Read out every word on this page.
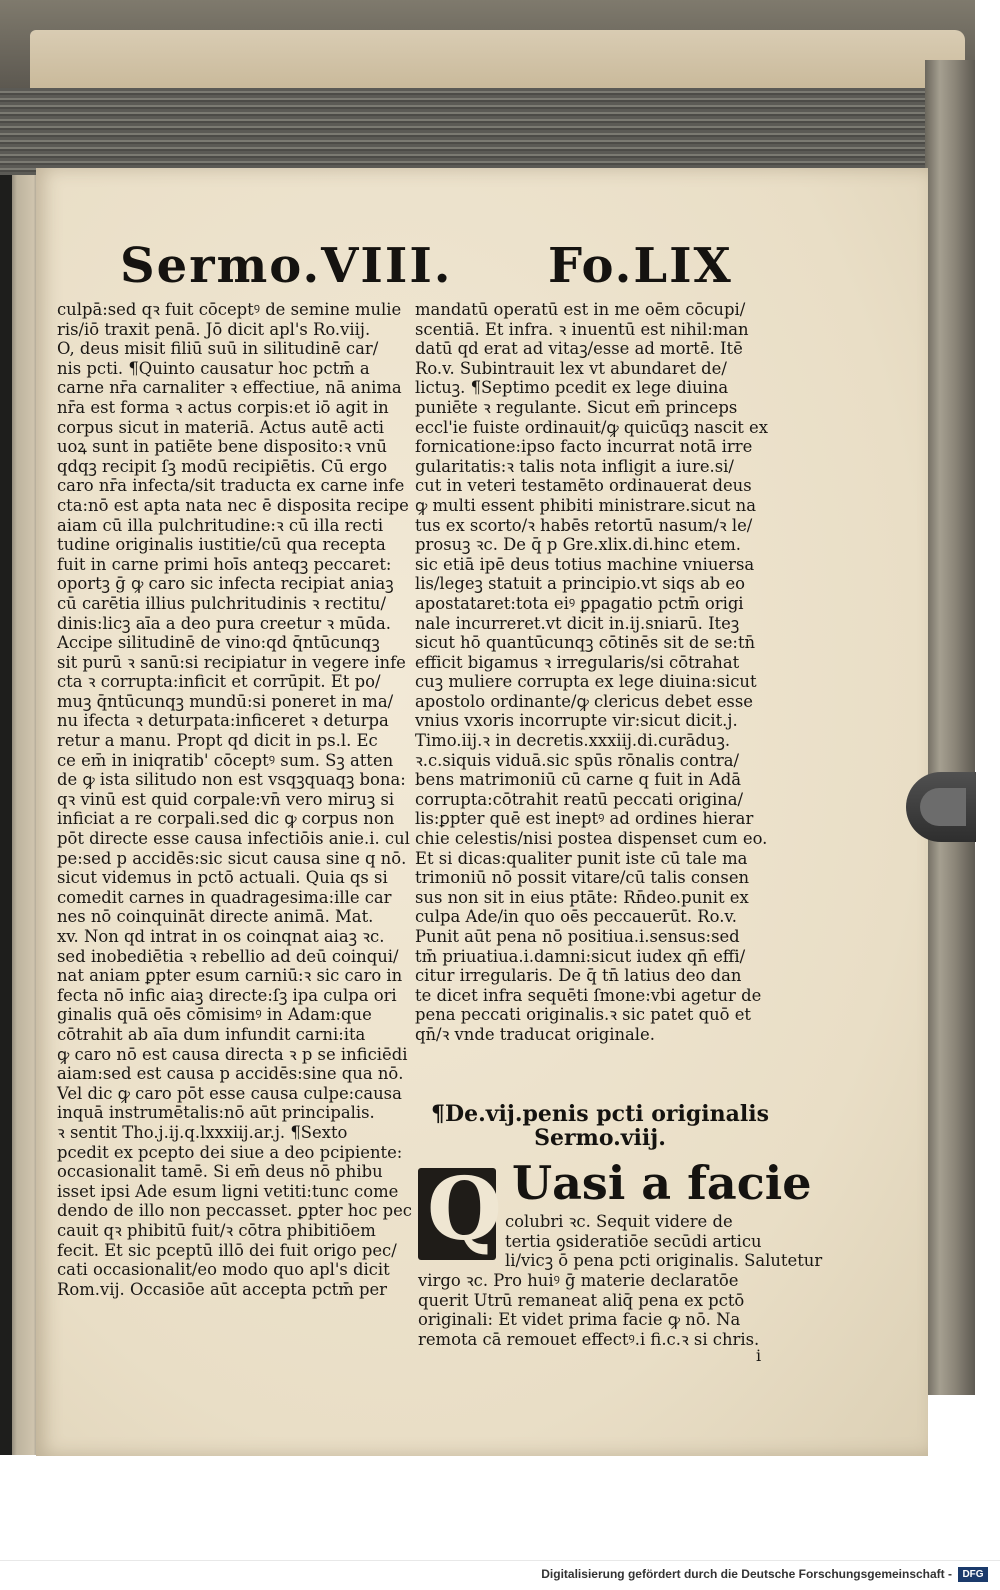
Sermo.VIII. Fo.LIX
culpā:sed qꝛ fuit cōceptꝰ de semine mulie
ris/iō traxit penā. Jō dicit apl's Ro.viij.
O, deus misit filiū suū in silitudinē car/
nis pcti. ¶Quinto causatur hoc pctm̄ a
carne nr̄a carnaliter ꝛ effectiue, nā anima
nr̄a est forma ꝛ actus corpis:et iō agit in
corpus sicut in materiā. Actus autē acti
uoꝝ sunt in patiēte bene disposito:ꝛ vnū
qdqꝫ recipit ſꝫ modū recipiētis. Cū ergo
caro nr̄a infecta/sit traducta ex carne infe
cta:nō est apta nata nec ē disposita recipe
aiam cū illa pulchritudine:ꝛ cū illa recti
tudine originalis iustitie/cū qua recepta
fuit in carne primi hoīs anteqꝫ peccaret:
oportꝫ ḡ ꝙ caro sic infecta recipiat aniaꝫ
cū carētia illius pulchritudinis ꝛ rectitu/
dinis:licꝫ aīa a deo pura creetur ꝛ mūda.
Accipe silitudinē de vino:qd q̄ntūcunqꝫ
sit purū ꝛ sanū:si recipiatur in vegere infe
cta ꝛ corrupta:inficit et corrūpit. Et po/
muꝫ q̄ntūcunqꝫ mundū:si poneret in ma/
nu ifecta ꝛ deturpata:inficeret ꝛ deturpa
retur a manu. Propt qd dicit in ps.l. Ec
ce em̄ in iniqratib' cōceptꝰ sum. Sꝫ atten
de ꝙ ista silitudo non est vsqꝫquaqꝫ bona:
qꝛ vinū est quid corpale:vn̄ vero miruꝫ si
inficiat a re corpali.sed dic ꝙ corpus non
pōt directe esse causa infectiōis anie.i. cul
pe:sed p accidēs:sic sicut causa sine q nō.
sicut videmus in pctō actuali. Quia qs si
comedit carnes in quadragesima:ille car
nes nō coinquināt directe animā. Mat.
xv. Non qd intrat in os coinqnat aiaꝫ ꝛc.
sed inobediētia ꝛ rebellio ad deū coinqui/
nat aniam ꝑpter esum carniū:ꝛ sic caro in
fecta nō infic aiaꝫ directe:ſꝫ ipa culpa ori
ginalis quā oēs cōmisimꝰ in Adam:que
cōtrahit ab aīa dum infundit carni:ita
ꝙ caro nō est causa directa ꝛ p se inficiēdi
aiam:sed est causa p accidēs:sine qua nō.
Vel dic ꝙ caro pōt esse causa culpe:causa
inquā instrumētalis:nō aūt principalis.
ꝛ sentit Tho.j.ij.q.lxxxiij.ar.j. ¶Sexto
pcedit ex pcepto dei siue a deo pcipiente:
occasionalit tamē. Si em̄ deus nō phibu
isset ipsi Ade esum ligni vetiti:tunc come
dendo de illo non peccasset. ꝑpter hoc pec
cauit qꝛ phibitū fuit/ꝛ cōtra phibitiōem
fecit. Et sic pceptū illō dei fuit origo pec/
cati occasionalit/eo modo quo apl's dicit
Rom.vij. Occasiōe aūt accepta pctm̄ per
mandatū operatū est in me oēm cōcupi/
scentiā. Et infra. ꝛ inuentū est nihil:man
datū qd erat ad vitaꝫ/esse ad mortē. Itē
Ro.v. Subintrauit lex vt abundaret de/
lictuꝫ. ¶Septimo pcedit ex lege diuina
puniēte ꝛ regulante. Sicut em̄ princeps
eccl'ie fuiste ordinauit/ꝙ quicūqꝫ nascit ex
fornicatione:ipso facto incurrat notā irre
gularitatis:ꝛ talis nota infligit a iure.si/
cut in veteri testamēto ordinauerat deus
ꝙ multi essent phibiti ministrare.sicut na
tus ex scorto/ꝛ habēs retortū nasum/ꝛ le/
prosuꝫ ꝛc. De q̄ p Gre.xlix.di.hinc etem.
sic etiā ipē deus totius machine vniuersa
lis/legeꝫ statuit a principio.vt siqs ab eo
apostataret:tota eiꝰ ꝑpagatio pctm̄ origi
nale incurreret.vt dicit in.ij.sniarū. Iteꝫ
sicut hō quantūcunqꝫ cōtinēs sit de se:tn̄
efficit bigamus ꝛ irregularis/si cōtrahat
cuꝫ muliere corrupta ex lege diuina:sicut
apostolo ordinante/ꝙ clericus debet esse
vnius vxoris incorrupte vir:sicut dicit.j.
Timo.iij.ꝛ in decretis.xxxiij.di.curāduꝫ.
ꝛ.c.siquis viduā.sic spūs rōnalis contra/
bens matrimoniū cū carne q fuit in Adā
corrupta:cōtrahit reatū peccati origina/
lis:ꝑpter quē est ineptꝰ ad ordines hierar
chie celestis/nisi postea dispenset cum eo.
Et si dicas:qualiter punit iste cū tale ma
trimoniū nō possit vitare/cū talis consen
sus non sit in eius ptāte: Rn̄deo.punit ex
culpa Ade/in quo oēs peccauerūt. Ro.v.
Punit aūt pena nō positiua.i.sensus:sed
tm̄ priuatiua.i.damni:sicut iudex qn̄ effi/
citur irregularis. De q̄ tn̄ latius deo dan
te dicet infra sequēti ſmone:vbi agetur de
pena peccati originalis.ꝛ sic patet quō et
qn̄/ꝛ vnde traducat originale.
¶De.vij.penis pcti originalis
Sermo.viij.
Q Uasi a facie
colubri ꝛc. Sequit videre de
tertia ꝯsideratiōe secūdi articu
li/vicꝫ ō pena pcti originalis. Salutetur
virgo ꝛc. Pro huiꝰ ḡ materie declaratōe
querit Utrū remaneat aliq̄ pena ex pctō
originali: Et videt prima facie ꝙ nō. Na
remota cā remouet effectꝰ.i fi.c.ꝛ si chris.
i
Digitalisierung gefördert durch die Deutsche Forschungsgemeinschaft -	DFG
